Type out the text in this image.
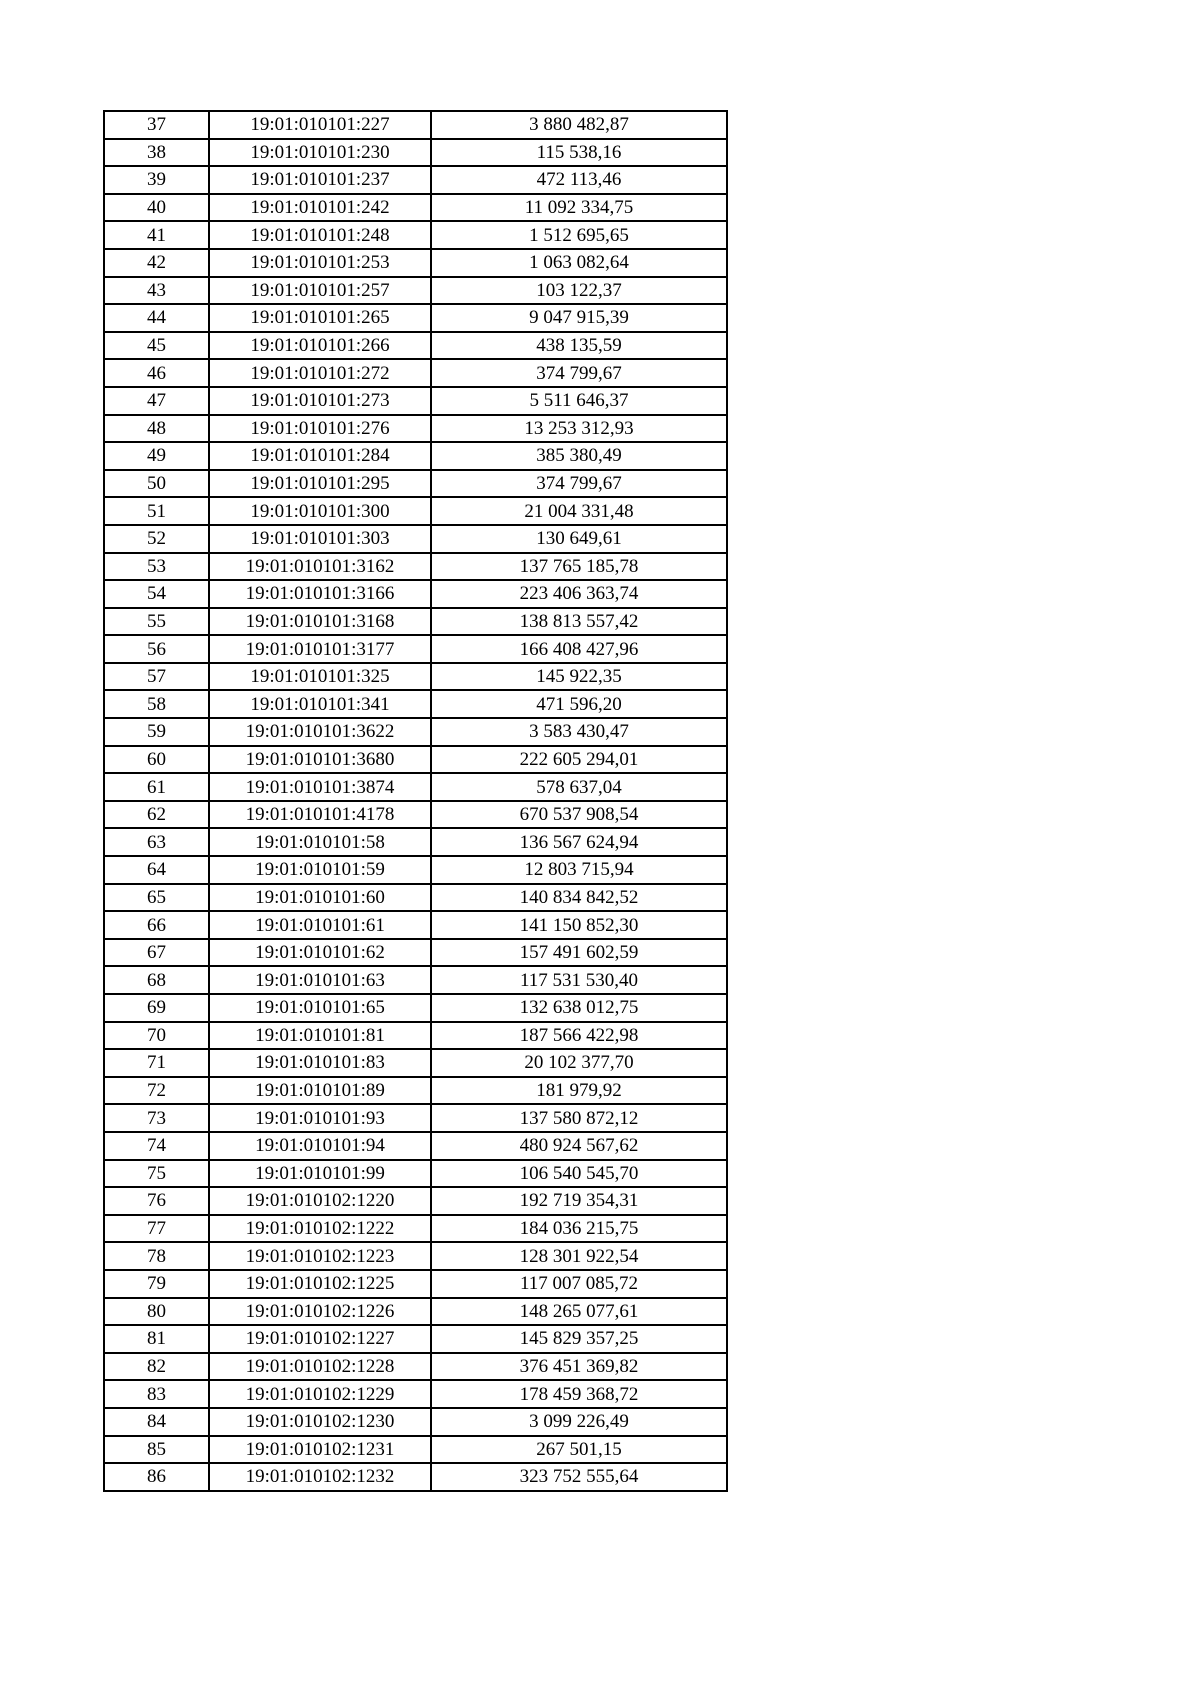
37	19:01:010101:227	3 880 482,87
38	19:01:010101:230	115 538,16
39	19:01:010101:237	472 113,46
40	19:01:010101:242	11 092 334,75
41	19:01:010101:248	1 512 695,65
42	19:01:010101:253	1 063 082,64
43	19:01:010101:257	103 122,37
44	19:01:010101:265	9 047 915,39
45	19:01:010101:266	438 135,59
46	19:01:010101:272	374 799,67
47	19:01:010101:273	5 511 646,37
48	19:01:010101:276	13 253 312,93
49	19:01:010101:284	385 380,49
50	19:01:010101:295	374 799,67
51	19:01:010101:300	21 004 331,48
52	19:01:010101:303	130 649,61
53	19:01:010101:3162	137 765 185,78
54	19:01:010101:3166	223 406 363,74
55	19:01:010101:3168	138 813 557,42
56	19:01:010101:3177	166 408 427,96
57	19:01:010101:325	145 922,35
58	19:01:010101:341	471 596,20
59	19:01:010101:3622	3 583 430,47
60	19:01:010101:3680	222 605 294,01
61	19:01:010101:3874	578 637,04
62	19:01:010101:4178	670 537 908,54
63	19:01:010101:58	136 567 624,94
64	19:01:010101:59	12 803 715,94
65	19:01:010101:60	140 834 842,52
66	19:01:010101:61	141 150 852,30
67	19:01:010101:62	157 491 602,59
68	19:01:010101:63	117 531 530,40
69	19:01:010101:65	132 638 012,75
70	19:01:010101:81	187 566 422,98
71	19:01:010101:83	20 102 377,70
72	19:01:010101:89	181 979,92
73	19:01:010101:93	137 580 872,12
74	19:01:010101:94	480 924 567,62
75	19:01:010101:99	106 540 545,70
76	19:01:010102:1220	192 719 354,31
77	19:01:010102:1222	184 036 215,75
78	19:01:010102:1223	128 301 922,54
79	19:01:010102:1225	117 007 085,72
80	19:01:010102:1226	148 265 077,61
81	19:01:010102:1227	145 829 357,25
82	19:01:010102:1228	376 451 369,82
83	19:01:010102:1229	178 459 368,72
84	19:01:010102:1230	3 099 226,49
85	19:01:010102:1231	267 501,15
86	19:01:010102:1232	323 752 555,64
